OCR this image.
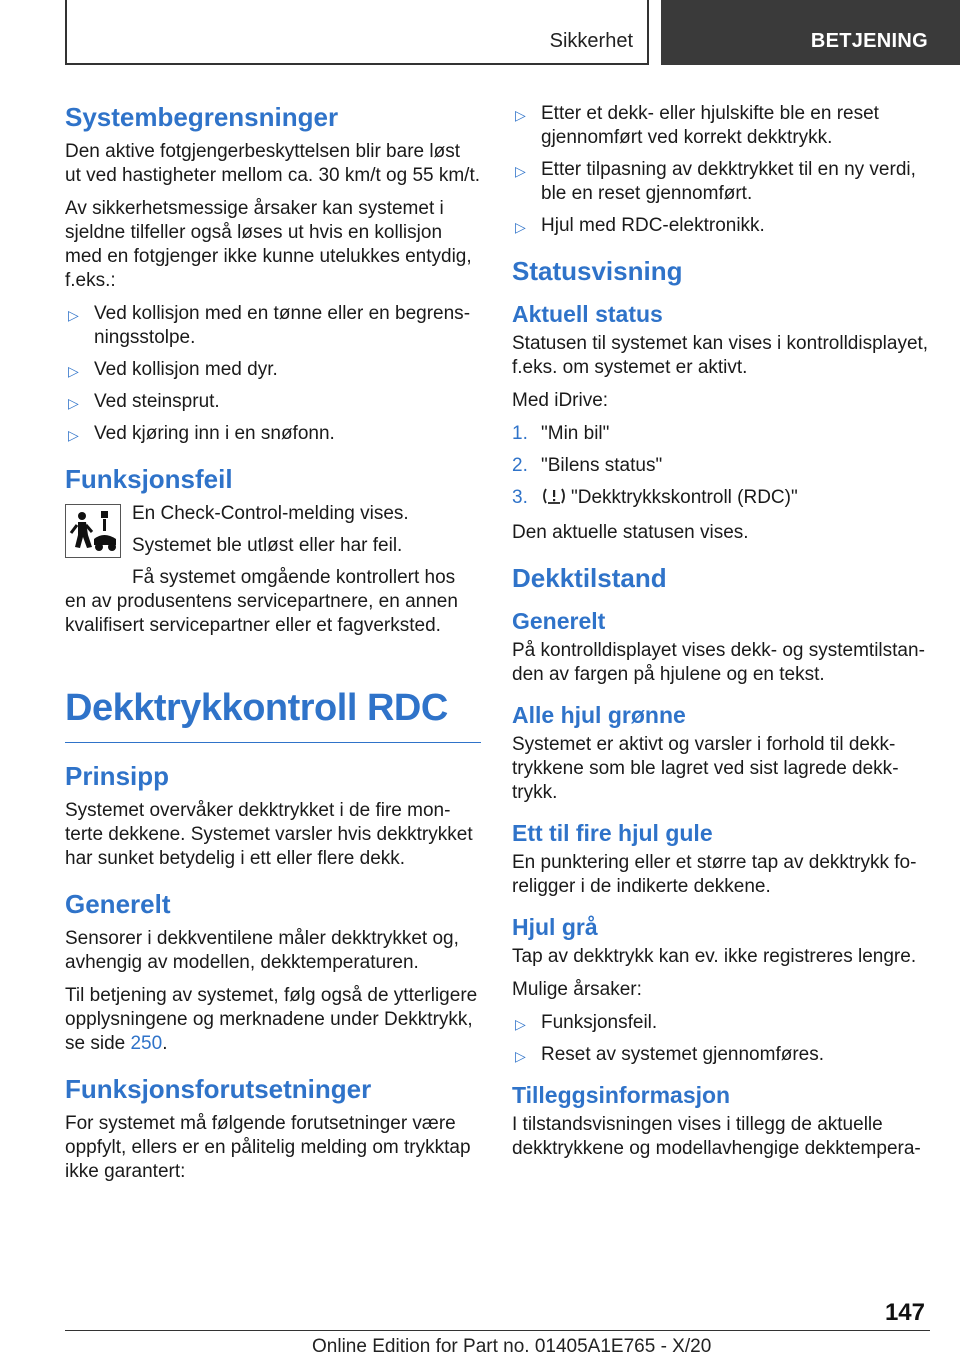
Sikkerhet	BETJENING
Systembegrensninger

Den aktive fotgjengerbeskyttelsen blir bare løst ut ved hastigheter mellom ca. 30 km/t og 55 km/t.

Av sikkerhetsmessige årsaker kan systemet i sjeldne tilfeller også løses ut hvis en kollisjon med en fotgjenger ikke kunne utelukkes entydig, f.eks.:

▷ Ved kollisjon med en tønne eller en begrensningsstolpe.
▷ Ved kollisjon med dyr.
▷ Ved steinsprut.
▷ Ved kjøring inn i en snøfonn.
Funksjonsfeil

En Check-Control-melding vises.

Systemet ble utløst eller har feil.

Få systemet omgående kontrollert hos en av produsentens servicepartnere, en annen kvalifisert servicepartner eller et fagverksted.

Dekktrykkontroll RDC
Prinsipp

Systemet overvåker dekktrykket i de fire monterte dekkene. Systemet varsler hvis dekktrykket har sunket betydelig i ett eller flere dekk.

Generelt

Sensorer i dekkventilene måler dekktrykket og, avhengig av modellen, dekktemperaturen.

Til betjening av systemet, følg også de ytterligere opplysningene og merknadene under Dekktrykk, se side 250.

Funksjonsforutsetninger

For systemet må følgende forutsetninger være oppfylt, ellers er en pålitelig melding om trykktap ikke garantert:

▷ Etter et dekk- eller hjulskifte ble en reset gjennomført ved korrekt dekktrykk.
▷ Etter tilpasning av dekktrykket til en ny verdi, ble en reset gjennomført.
▷ Hjul med RDC-elektronikk.
Statusvisning
Aktuell status

Statusen til systemet kan vises i kontrolldisplayet, f.eks. om systemet er aktivt.

Med iDrive:

1. "Min bil"
2. "Bilens status"
3. "Dekktrykkskontroll (RDC)"

Den aktuelle statusen vises.

Dekktilstand
Generelt

På kontrolldisplayet vises dekk- og systemtilstanden av fargen på hjulene og en tekst.

Alle hjul grønne

Systemet er aktivt og varsler i forhold til dekktrykkene som ble lagret ved sist lagrede dekktrykk.

Ett til fire hjul gule

En punktering eller et større tap av dekktrykk foreligger i de indikerte dekkene.

Hjul grå

Tap av dekktrykk kan ev. ikke registreres lengre.

Mulige årsaker:

▷ Funksjonsfeil.
▷ Reset av systemet gjennomføres.
Tilleggsinformasjon

I tilstandsvisningen vises i tillegg de aktuelle dekktrykkene og modellavhengige dekktempera-

147
Online Edition for Part no. 01405A1E765 - X/20
